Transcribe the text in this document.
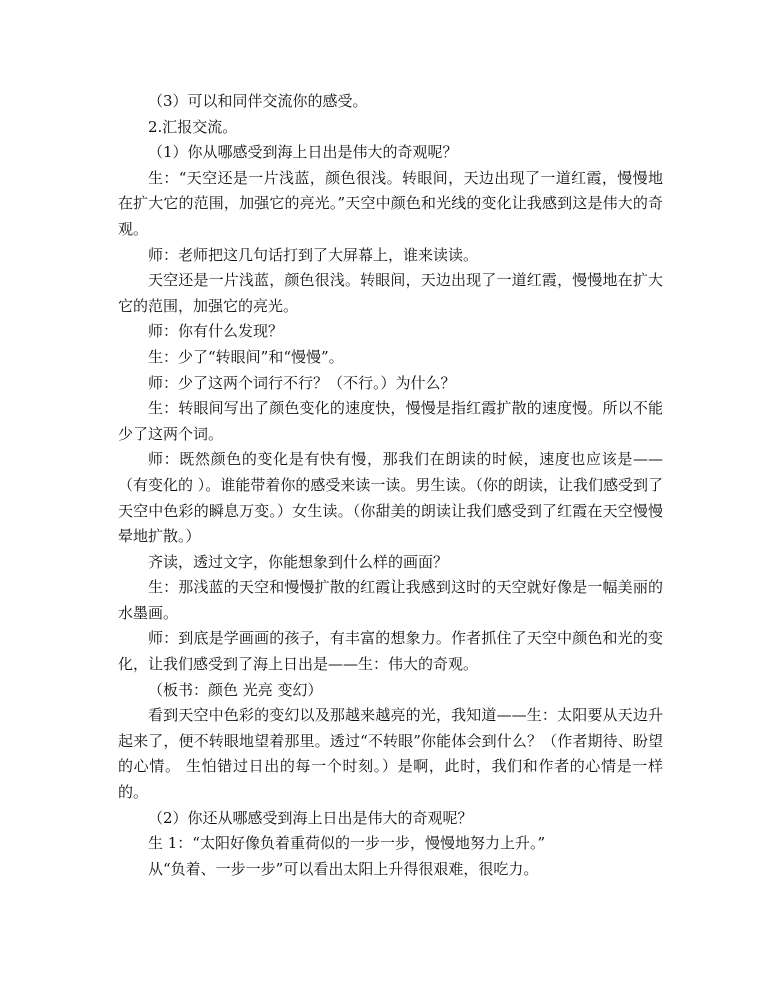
（3）可以和同伴交流你的感受。

2.汇报交流。

（1）你从哪感受到海上日出是伟大的奇观呢？

生：“天空还是一片浅蓝，颜色很浅。转眼间，天边出现了一道红霞，慢慢地在扩大它的范围，加强它的亮光。”天空中颜色和光线的变化让我感到这是伟大的奇观。

师：老师把这几句话打到了大屏幕上，谁来读读。

天空还是一片浅蓝，颜色很浅。转眼间，天边出现了一道红霞，慢慢地在扩大它的范围，加强它的亮光。

师：你有什么发现？

生：少了“转眼间”和“慢慢”。

师：少了这两个词行不行？（不行。）为什么？

生：转眼间写出了颜色变化的速度快，慢慢是指红霞扩散的速度慢。所以不能少了这两个词。

师：既然颜色的变化是有快有慢，那我们在朗读的时候，速度也应该是——（有变化的 ）。谁能带着你的感受来读一读。男生读。（你的朗读，让我们感受到了天空中色彩的瞬息万变。）女生读。（你甜美的朗读让我们感受到了红霞在天空慢慢晕地扩散。）

齐读，透过文字，你能想象到什么样的画面？

生：那浅蓝的天空和慢慢扩散的红霞让我感到这时的天空就好像是一幅美丽的水墨画。

师：到底是学画画的孩子，有丰富的想象力。作者抓住了天空中颜色和光的变化，让我们感受到了海上日出是——生：伟大的奇观。

（板书：颜色 光亮 变幻）

看到天空中色彩的变幻以及那越来越亮的光，我知道——生：太阳要从天边升起来了，便不转眼地望着那里。透过“不转眼”你能体会到什么？（作者期待、盼望的心情。 生怕错过日出的每一个时刻。）是啊，此时，我们和作者的心情是一样的。

（2）你还从哪感受到海上日出是伟大的奇观呢？

生 1：“太阳好像负着重荷似的一步一步，慢慢地努力上升。”

从“负着、一步一步”可以看出太阳上升得很艰难，很吃力。
